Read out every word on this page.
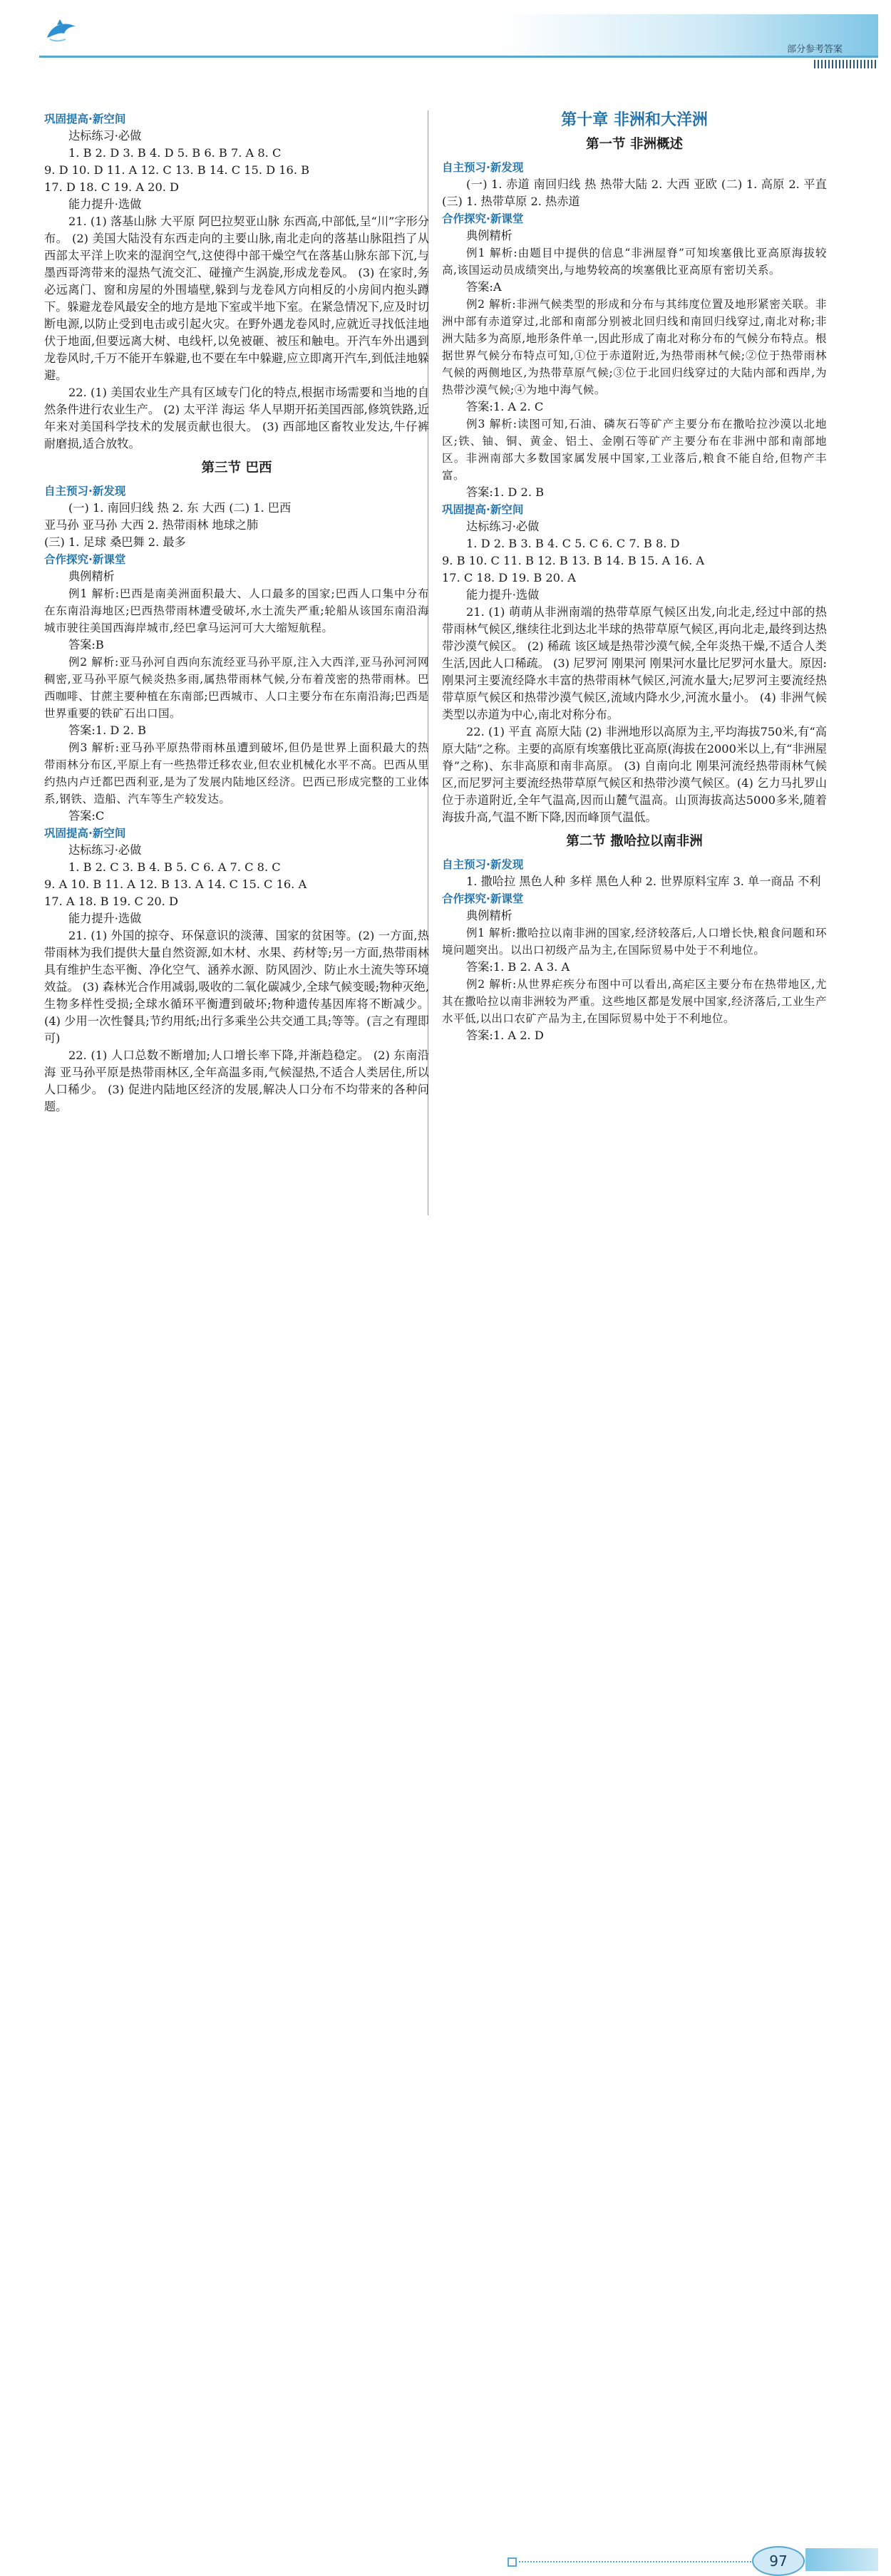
部分参考答案
巩固提高·新空间
达标练习·必做
1. B 2. D 3. B 4. D 5. B 6. B 7. A 8. C
9. D 10. D 11. A 12. C 13. B 14. C 15. D 16. B
17. D 18. C 19. A 20. D
能力提升·选做
21. (1) 落基山脉 大平原 阿巴拉契亚山脉 东西高,中部低,呈“川”字形分布。 (2) 美国大陆没有东西走向的主要山脉,南北走向的落基山脉阻挡了从西部太平洋上吹来的湿润空气,这使得中部干燥空气在落基山脉东部下沉,与墨西哥湾带来的湿热气流交汇、碰撞产生涡旋,形成龙卷风。 (3) 在家时,务必远离门、窗和房屋的外围墙壁,躲到与龙卷风方向相反的小房间内抱头蹲下。躲避龙卷风最安全的地方是地下室或半地下室。在紧急情况下,应及时切断电源,以防止受到电击或引起火灾。在野外遇龙卷风时,应就近寻找低洼地伏于地面,但要远离大树、电线杆,以免被砸、被压和触电。开汽车外出遇到龙卷风时,千万不能开车躲避,也不要在车中躲避,应立即离开汽车,到低洼地躲避。
22. (1) 美国农业生产具有区域专门化的特点,根据市场需要和当地的自然条件进行农业生产。 (2) 太平洋 海运 华人早期开拓美国西部,修筑铁路,近年来对美国科学技术的发展贡献也很大。 (3) 西部地区畜牧业发达,牛仔裤耐磨损,适合放牧。
第三节 巴西
自主预习·新发现
(一) 1. 南回归线 热 2. 东 大西 (二) 1. 巴西
亚马孙 亚马孙 大西 2. 热带雨林 地球之肺
(三) 1. 足球 桑巴舞 2. 最多
合作探究·新课堂
典例精析
例1 解析:巴西是南美洲面积最大、人口最多的国家;巴西人口集中分布在东南沿海地区;巴西热带雨林遭受破坏,水土流失严重;轮船从该国东南沿海城市驶往美国西海岸城市,经巴拿马运河可大大缩短航程。
答案:B
例2 解析:亚马孙河自西向东流经亚马孙平原,注入大西洋,亚马孙河河网稠密,亚马孙平原气候炎热多雨,属热带雨林气候,分布着茂密的热带雨林。巴西咖啡、甘蔗主要种植在东南部;巴西城市、人口主要分布在东南沿海;巴西是世界重要的铁矿石出口国。
答案:1. D 2. B
例3 解析:亚马孙平原热带雨林虽遭到破坏,但仍是世界上面积最大的热带雨林分布区,平原上有一些热带迁移农业,但农业机械化水平不高。巴西从里约热内卢迁都巴西利亚,是为了发展内陆地区经济。巴西已形成完整的工业体系,钢铁、造船、汽车等生产较发达。
答案:C
巩固提高·新空间
达标练习·必做
1. B 2. C 3. B 4. B 5. C 6. A 7. C 8. C
9. A 10. B 11. A 12. B 13. A 14. C 15. C 16. A
17. A 18. B 19. C 20. D
能力提升·选做
21. (1) 外国的掠夺、环保意识的淡薄、国家的贫困等。(2) 一方面,热带雨林为我们提供大量自然资源,如木材、水果、药材等;另一方面,热带雨林具有维护生态平衡、净化空气、涵养水源、防风固沙、防止水土流失等环境效益。 (3) 森林光合作用减弱,吸收的二氧化碳减少,全球气候变暖;物种灭绝,生物多样性受损;全球水循环平衡遭到破坏;物种遗传基因库将不断减少。 (4) 少用一次性餐具;节约用纸;出行多乘坐公共交通工具;等等。(言之有理即可)
22. (1) 人口总数不断增加;人口增长率下降,并渐趋稳定。 (2) 东南沿海 亚马孙平原是热带雨林区,全年高温多雨,气候湿热,不适合人类居住,所以人口稀少。 (3) 促进内陆地区经济的发展,解决人口分布不均带来的各种问题。
第十章 非洲和大洋洲
第一节 非洲概述
自主预习·新发现
(一) 1. 赤道 南回归线 热 热带大陆 2. 大西 亚欧 (二) 1. 高原 2. 平直 (三) 1. 热带草原 2. 热赤道
合作探究·新课堂
典例精析
例1 解析:由题目中提供的信息“非洲屋脊”可知埃塞俄比亚高原海拔较高,该国运动员成绩突出,与地势较高的埃塞俄比亚高原有密切关系。
答案:A
例2 解析:非洲气候类型的形成和分布与其纬度位置及地形紧密关联。非洲中部有赤道穿过,北部和南部分别被北回归线和南回归线穿过,南北对称;非洲大陆多为高原,地形条件单一,因此形成了南北对称分布的气候分布特点。根据世界气候分布特点可知,①位于赤道附近,为热带雨林气候;②位于热带雨林气候的两侧地区,为热带草原气候;③位于北回归线穿过的大陆内部和西岸,为热带沙漠气候;④为地中海气候。
答案:1. A 2. C
例3 解析:读图可知,石油、磷灰石等矿产主要分布在撒哈拉沙漠以北地区;铁、铀、铜、黄金、铝土、金刚石等矿产主要分布在非洲中部和南部地区。非洲南部大多数国家属发展中国家,工业落后,粮食不能自给,但物产丰富。
答案:1. D 2. B
巩固提高·新空间
达标练习·必做
1. D 2. B 3. B 4. C 5. C 6. C 7. B 8. D
9. B 10. C 11. B 12. B 13. B 14. B 15. A 16. A
17. C 18. D 19. B 20. A
能力提升·选做
21. (1) 萌萌从非洲南端的热带草原气候区出发,向北走,经过中部的热带雨林气候区,继续往北到达北半球的热带草原气候区,再向北走,最终到达热带沙漠气候区。 (2) 稀疏 该区域是热带沙漠气候,全年炎热干燥,不适合人类生活,因此人口稀疏。 (3) 尼罗河 刚果河 刚果河水量比尼罗河水量大。原因:刚果河主要流经降水丰富的热带雨林气候区,河流水量大;尼罗河主要流经热带草原气候区和热带沙漠气候区,流域内降水少,河流水量小。 (4) 非洲气候类型以赤道为中心,南北对称分布。
22. (1) 平直 高原大陆 (2) 非洲地形以高原为主,平均海拔750米,有“高原大陆”之称。主要的高原有埃塞俄比亚高原(海拔在2000米以上,有“非洲屋脊”之称)、东非高原和南非高原。 (3) 自南向北 刚果河流经热带雨林气候区,而尼罗河主要流经热带草原气候区和热带沙漠气候区。(4) 乞力马扎罗山位于赤道附近,全年气温高,因而山麓气温高。山顶海拔高达5000多米,随着海拔升高,气温不断下降,因而峰顶气温低。
第二节 撒哈拉以南非洲
自主预习·新发现
1. 撒哈拉 黑色人种 多样 黑色人种 2. 世界原料宝库 3. 单一商品 不利
合作探究·新课堂
典例精析
例1 解析:撒哈拉以南非洲的国家,经济较落后,人口增长快,粮食问题和环境问题突出。以出口初级产品为主,在国际贸易中处于不利地位。
答案:1. B 2. A 3. A
例2 解析:从世界疟疾分布图中可以看出,高疟区主要分布在热带地区,尤其在撒哈拉以南非洲较为严重。这些地区都是发展中国家,经济落后,工业生产水平低,以出口农矿产品为主,在国际贸易中处于不利地位。
答案:1. A 2. D
97
